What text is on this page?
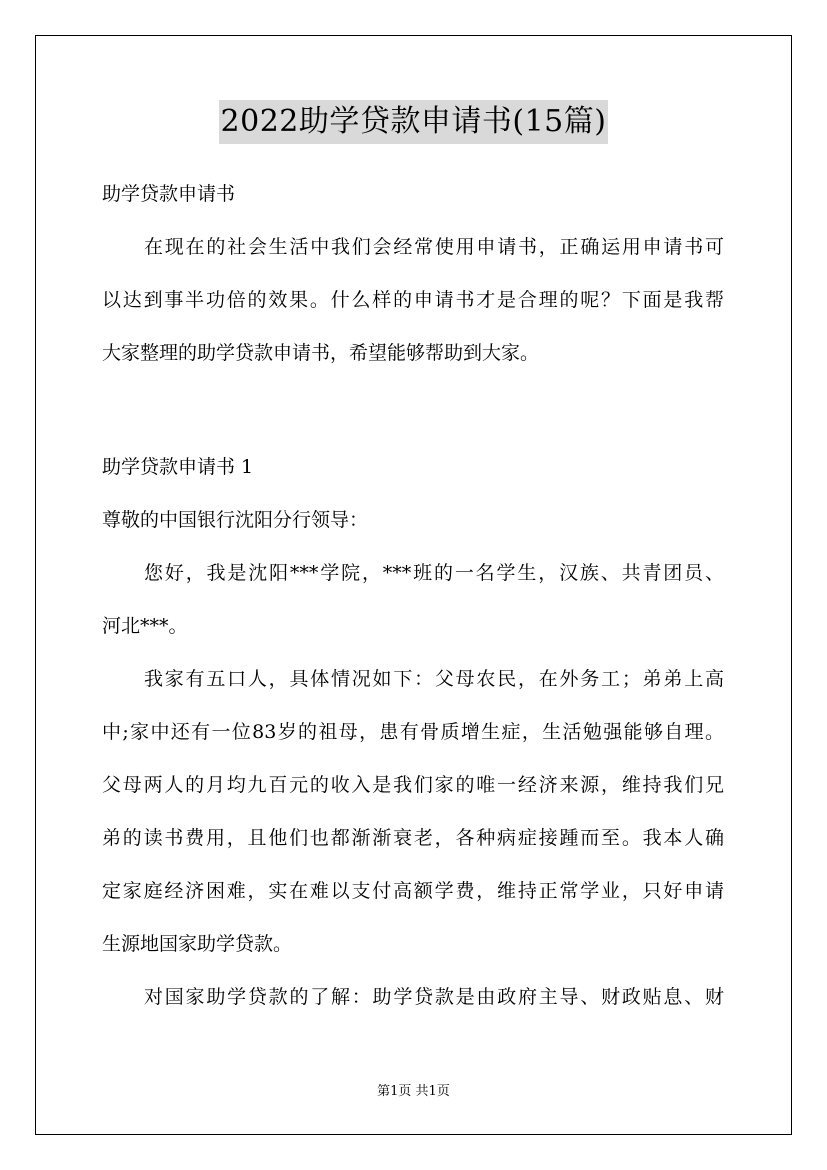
2022助学贷款申请书(15篇)
助学贷款申请书
在现在的社会生活中我们会经常使用申请书，正确运用申请书可
以达到事半功倍的效果。什么样的申请书才是合理的呢？下面是我帮
大家整理的助学贷款申请书，希望能够帮助到大家。
助学贷款申请书 1
尊敬的中国银行沈阳分行领导：
您好，我是沈阳***学院，***班的一名学生，汉族、共青团员、
河北***。
我家有五口人，具体情况如下：父母农民，在外务工；弟弟上高
中;家中还有一位83岁的祖母，患有骨质增生症，生活勉强能够自理。
父母两人的月均九百元的收入是我们家的唯一经济来源，维持我们兄
弟的读书费用，且他们也都渐渐衰老，各种病症接踵而至。我本人确
定家庭经济困难，实在难以支付高额学费，维持正常学业，只好申请
生源地国家助学贷款。
对国家助学贷款的了解：助学贷款是由政府主导、财政贴息、财
第1页 共1页
